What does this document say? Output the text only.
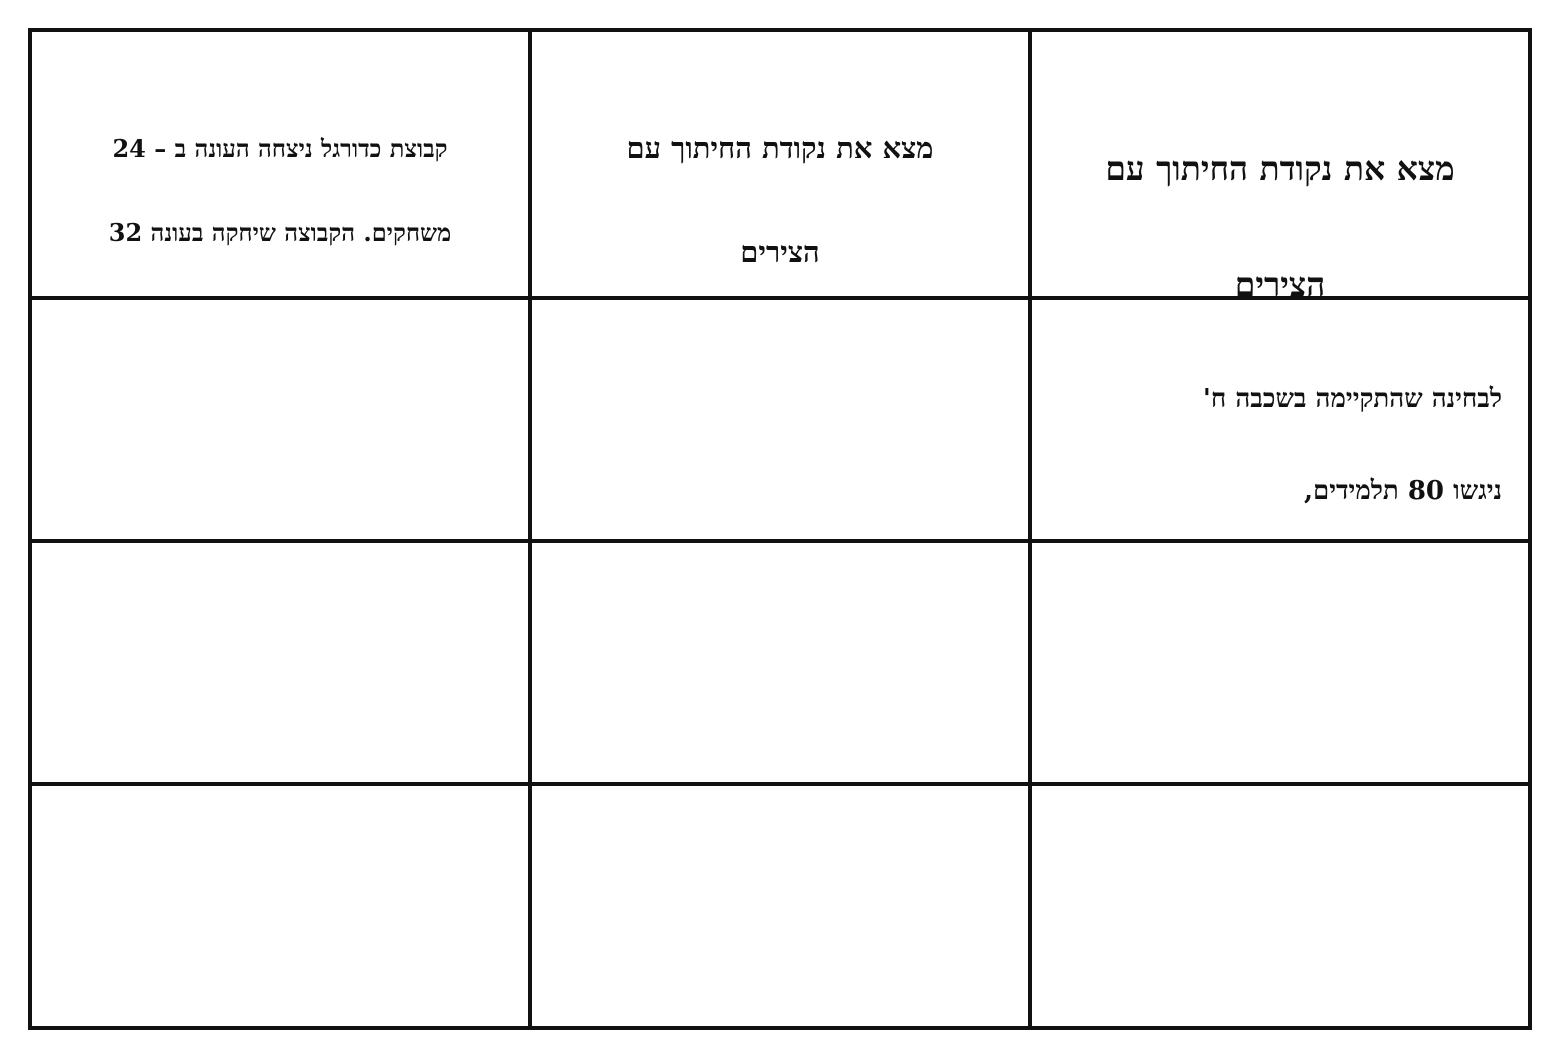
קבוצת כדורגל ניצחה העונה ב – 24

משחקים. הקבוצה שיחקה בעונה 32

מצא את נקודת החיתוך עם

הצירים

מצא את נקודת החיתוך עם

הצירים

לבחינה שהתקיימה בשכבה ח'

ניגשו 80 תלמידים,
